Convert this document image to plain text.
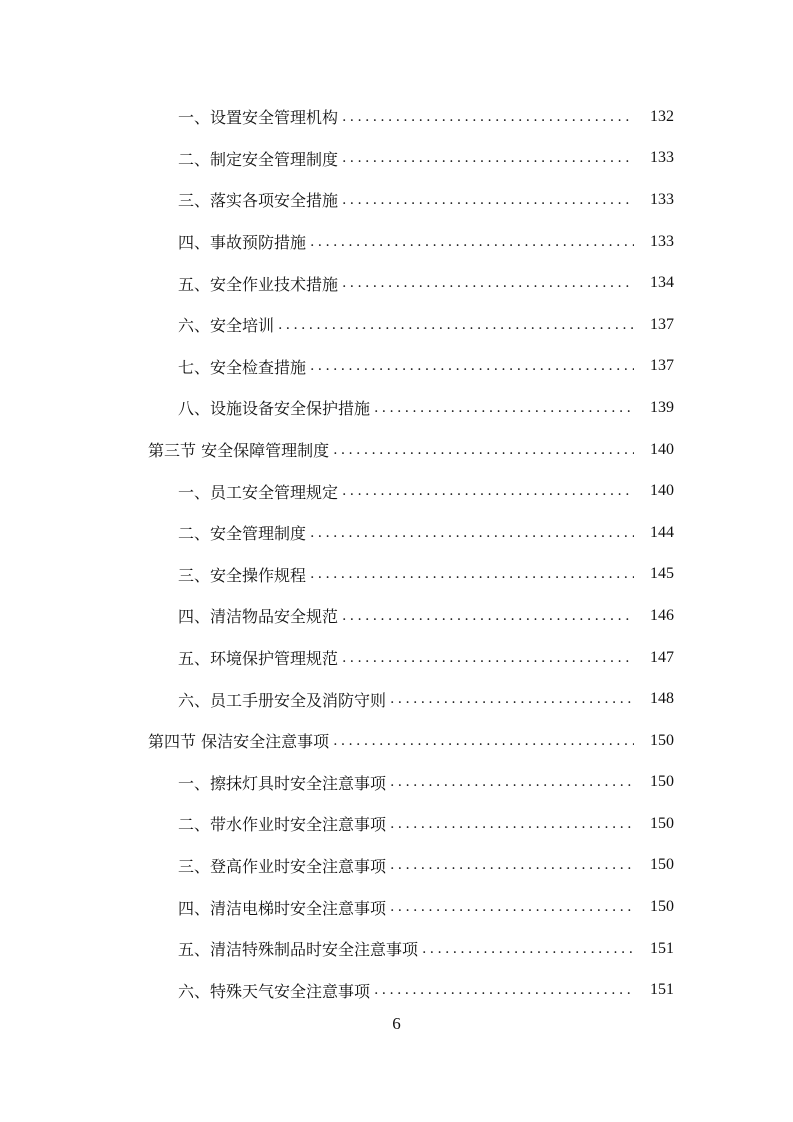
一、设置安全管理机构 .....	132
二、制定安全管理制度 .....	133
三、落实各项安全措施 .....	133
四、事故预防措施 .....	133
五、安全作业技术措施 .....	134
六、安全培训 .....	137
七、安全检查措施 .....	137
八、设施设备安全保护措施 .....	139
第三节 安全保障管理制度 .....	140
一、员工安全管理规定 .....	140
二、安全管理制度 .....	144
三、安全操作规程 .....	145
四、清洁物品安全规范 .....	146
五、环境保护管理规范 .....	147
六、员工手册安全及消防守则 .....	148
第四节 保洁安全注意事项 .....	150
一、擦抹灯具时安全注意事项 .....	150
二、带水作业时安全注意事项 .....	150
三、登高作业时安全注意事项 .....	150
四、清洁电梯时安全注意事项 .....	150
五、清洁特殊制品时安全注意事项 .....	151
六、特殊天气安全注意事项 .....	151
6
